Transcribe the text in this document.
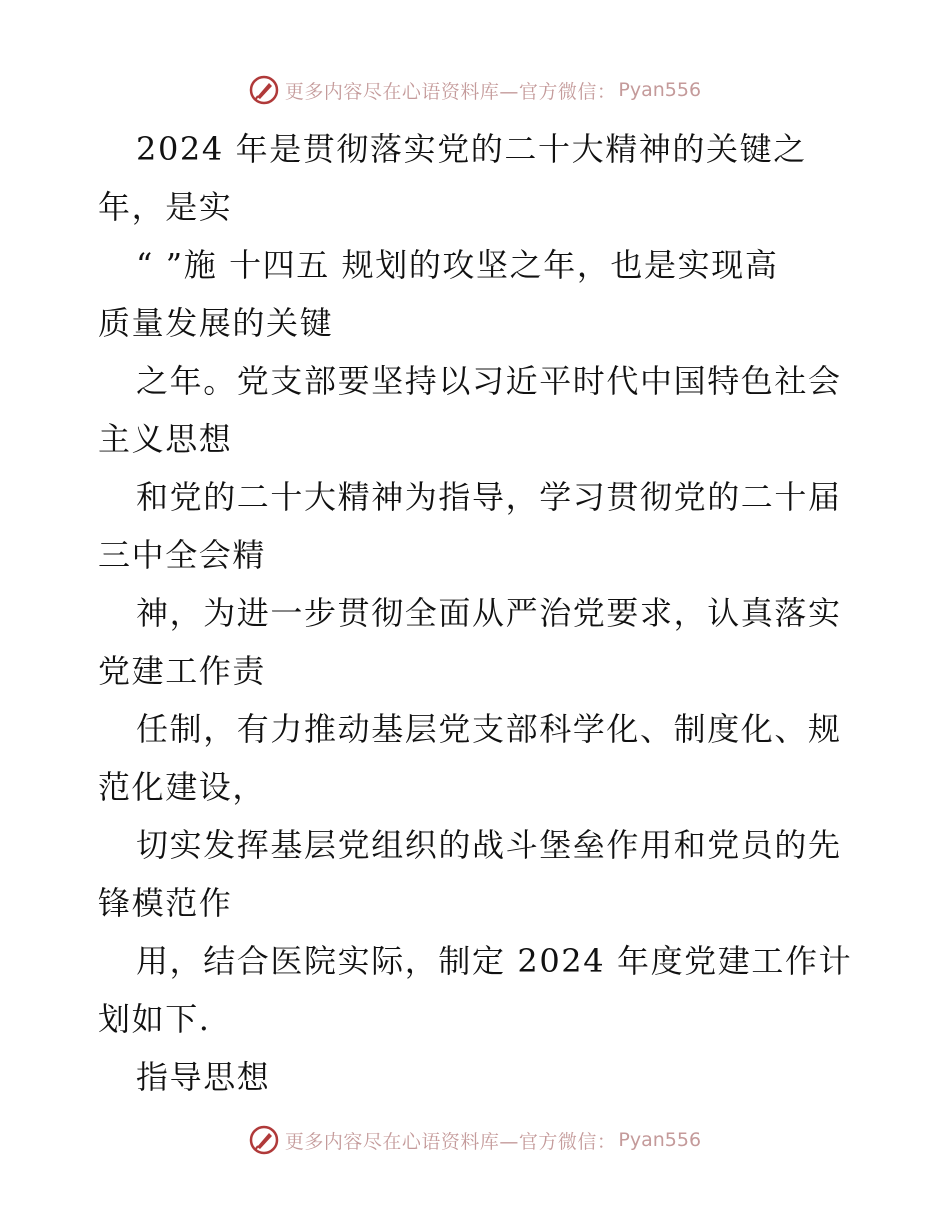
更多内容尽在心语资料库—官方微信： Pyan556
2024 年是贯彻落实党的二十大精神的关键之
年，是实
“ ”施 十四五 规划的攻坚之年，也是实现高
质量发展的关键
之年。党支部要坚持以习近平时代中国特色社会
主义思想
和党的二十大精神为指导，学习贯彻党的二十届
三中全会精
神，为进一步贯彻全面从严治党要求，认真落实
党建工作责
任制，有力推动基层党支部科学化、制度化、规
范化建设，
切实发挥基层党组织的战斗堡垒作用和党员的先
锋模范作
用，结合医院实际，制定 2024 年度党建工作计
划如下.
指导思想
更多内容尽在心语资料库—官方微信： Pyan556
